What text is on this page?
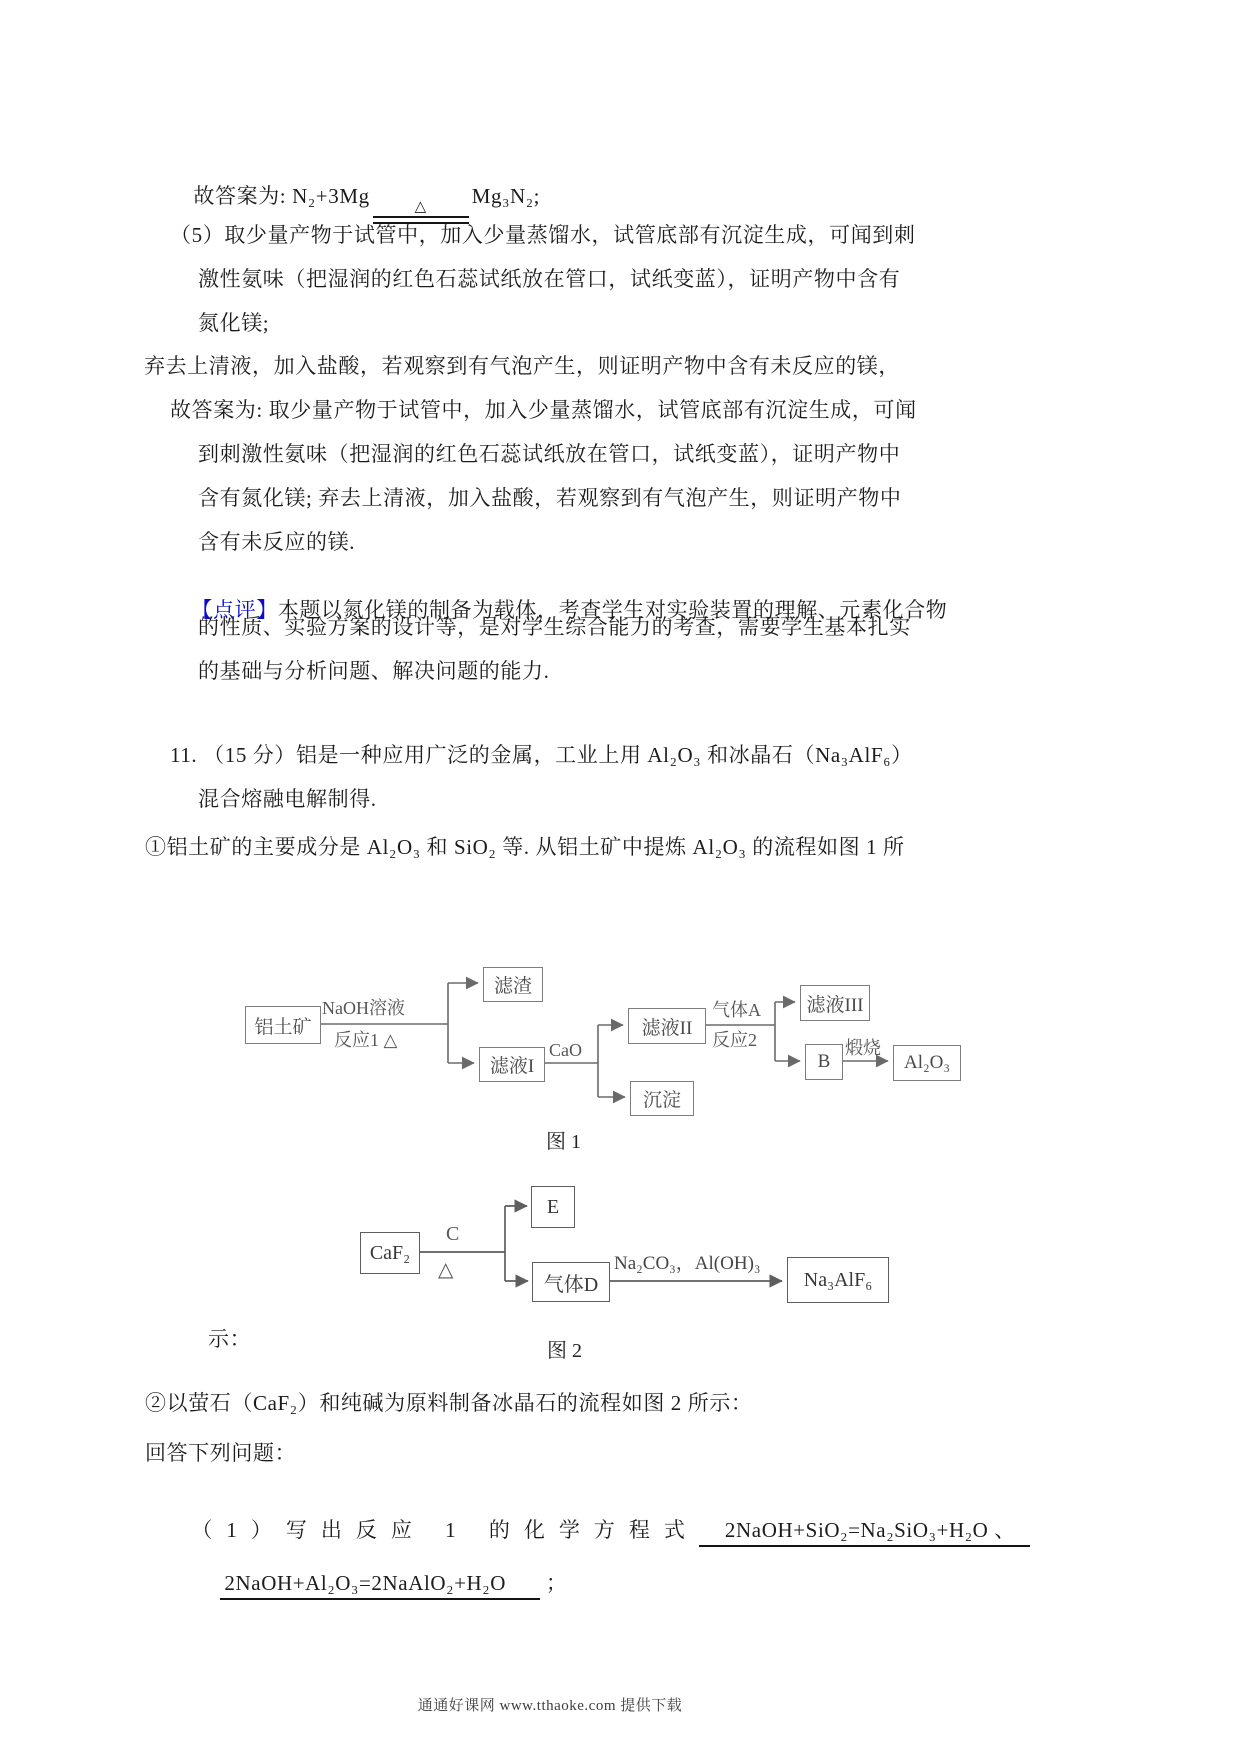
故答案为: N₂+3Mg	△ Mg₃N₂;

（5）取少量产物于试管中，加入少量蒸馏水，试管底部有沉淀生成，可闻到刺
激性氨味（把湿润的红色石蕊试纸放在管口，试纸变蓝），证明产物中含有
氮化镁;
弃去上清液，加入盐酸，若观察到有气泡产生，则证明产物中含有未反应的镁，
故答案为: 取少量产物于试管中，加入少量蒸馏水，试管底部有沉淀生成，可闻
到刺激性氨味（把湿润的红色石蕊试纸放在管口，试纸变蓝），证明产物中
含有氮化镁; 弃去上清液，加入盐酸，若观察到有气泡产生，则证明产物中
含有未反应的镁.

【点评】本题以氮化镁的制备为载体，考查学生对实验装置的理解、元素化合物

的性质、实验方案的设计等，是对学生综合能力的考查，需要学生基本扎实
的基础与分析问题、解决问题的能力.
11. （15 分）铝是一种应用广泛的金属，工业上用 Al₂O₃ 和冰晶石（Na₃AlF₆）
混合熔融电解制得.
①铝土矿的主要成分是 Al₂O₃ 和 SiO₂ 等. 从铝土矿中提炼 Al₂O₃ 的流程如图 1 所
铝土矿
NaOH溶液
反应1 △
滤渣
滤液I
CaO
滤液II
沉淀
气体A
反应2
滤液III
B
煅烧
Al₂O₃
图 1
CaF₂
C
△
E
气体D
Na₂CO₃，Al(OH)₃
Na₃AlF₆
图 2
示：
②以萤石（CaF₂）和纯碱为原料制备冰晶石的流程如图 2 所示：
回答下列问题：

（1）写出反应 1 的化学方程式 2NaOH+SiO₂=Na₂SiO₃+H₂O 、

2NaOH+Al₂O₃=2NaAlO₂+H₂O ；

通通好课网 www.tthaoke.com 提供下载
